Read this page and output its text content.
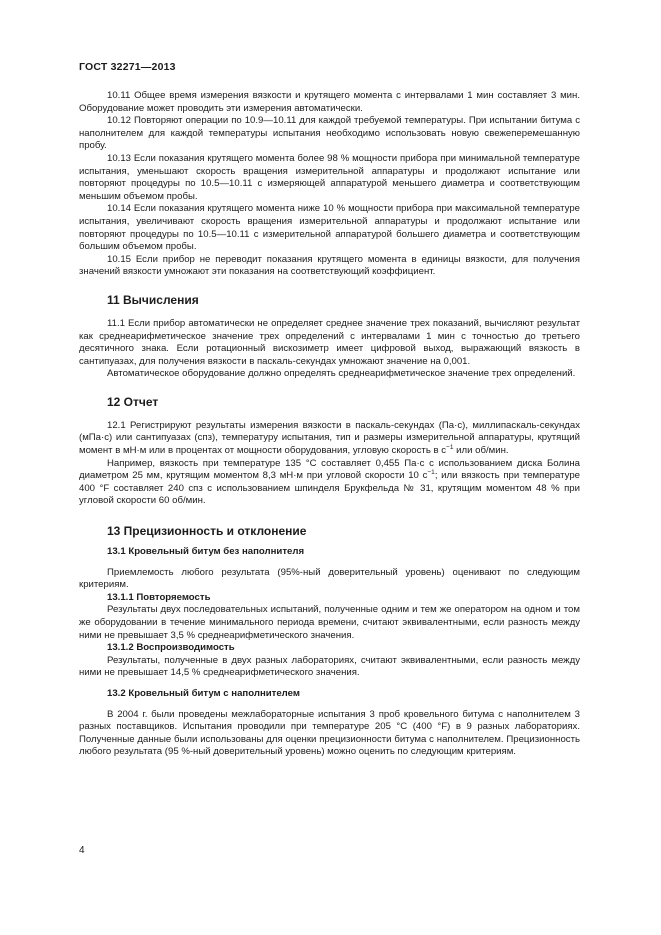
ГОСТ 32271—2013

10.11 Общее время измерения вязкости и крутящего момента с интервалами 1 мин составляет 3 мин. Оборудование может проводить эти измерения автоматически.

10.12 Повторяют операции по 10.9—10.11 для каждой требуемой температуры. При испытании битума с наполнителем для каждой температуры испытания необходимо использовать новую свежеперемешанную пробу.

10.13 Если показания крутящего момента более 98 % мощности прибора при минимальной температуре испытания, уменьшают скорость вращения измерительной аппаратуры и продолжают испытание или повторяют процедуры по 10.5—10.11 с измеряющей аппаратурой меньшего диаметра и соответствующим меньшим объемом пробы.

10.14 Если показания крутящего момента ниже 10 % мощности прибора при максимальной температуре испытания, увеличивают скорость вращения измерительной аппаратуры и продолжают испытание или повторяют процедуры по 10.5—10.11 с измерительной аппаратурой большего диаметра и соответствующим большим объемом пробы.

10.15 Если прибор не переводит показания крутящего момента в единицы вязкости, для получения значений вязкости умножают эти показания на соответствующий коэффициент.

11 Вычисления

11.1 Если прибор автоматически не определяет среднее значение трех показаний, вычисляют результат как среднеарифметическое значение трех определений с интервалами 1 мин с точностью до третьего десятичного знака. Если ротационный вискозиметр имеет цифровой выход, выражающий вязкость в сантипуазах, для получения вязкости в паскаль-секундах умножают значение на 0,001.

Автоматическое оборудование должно определять среднеарифметическое значение трех определений.

12 Отчет

12.1 Регистрируют результаты измерения вязкости в паскаль-секундах (Па·с), миллипаскаль-секундах (мПа·с) или сантипуазах (спз), температуру испытания, тип и размеры измерительной аппаратуры, крутящий момент в мН·м или в процентах от мощности оборудования, угловую скорость в $с^{-1}$ или об/мин.

Например, вязкость при температуре 135 °С составляет 0,455 Па·с с использованием диска Болина диаметром 25 мм, крутящим моментом 8,3 мН·м при угловой скорости 10 $с^{-1}$; или вязкость при температуре 400 °F составляет 240 спз с использованием шпинделя Брукфельда № 31, крутящим моментом 48 % при угловой скорости 60 об/мин.

13 Прецизионность и отклонение
13.1 Кровельный битум без наполнителя

Приемлемость любого результата (95%-ный доверительный уровень) оценивают по следующим критериям.

13.1.1 Повторяемость

Результаты двух последовательных испытаний, полученные одним и тем же оператором на одном и том же оборудовании в течение минимального периода времени, считают эквивалентными, если разность между ними не превышает 3,5 % среднеарифметического значения.

13.1.2 Воспроизводимость

Результаты, полученные в двух разных лабораториях, считают эквивалентными, если разность между ними не превышает 14,5 % среднеарифметического значения.

13.2 Кровельный битум с наполнителем

В 2004 г. были проведены межлабораторные испытания 3 проб кровельного битума с наполнителем 3 разных поставщиков. Испытания проводили при температуре 205 °С (400 °F) в 9 разных лабораториях. Полученные данные были использованы для оценки прецизионности битума с наполнителем. Прецизионность любого результата (95 %-ный доверительный уровень) можно оценить по следующим критериям.

4
